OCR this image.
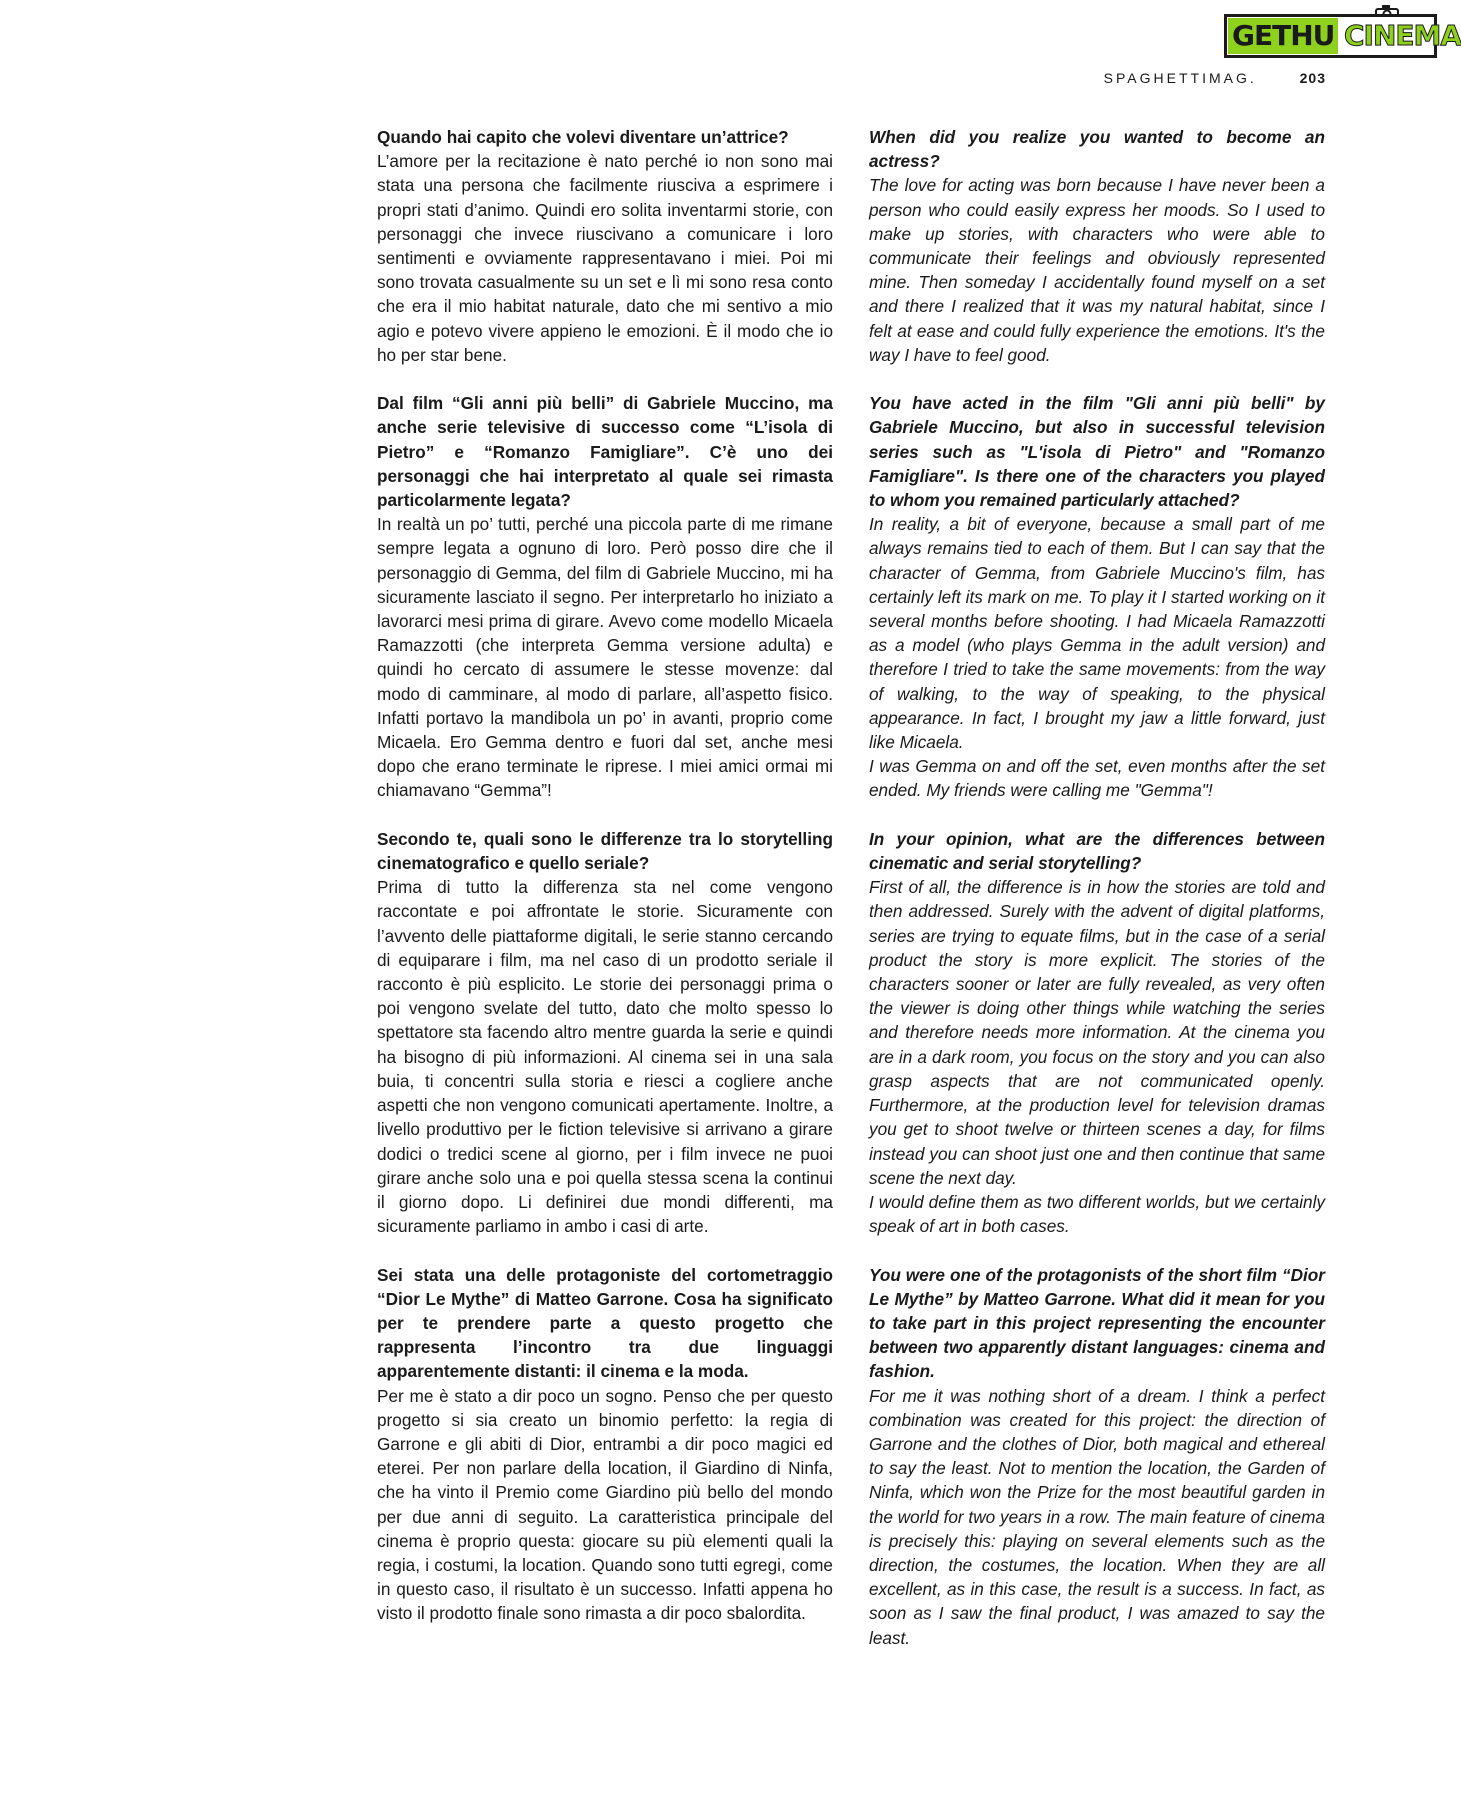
GETHU CINEMA
SPAGHETTIMAG.	203

Quando hai capito che volevi diventare un’attrice?

L’amore per la recitazione è nato perché io non sono mai stata una persona che facilmente riusciva a esprimere i propri stati d’animo. Quindi ero solita inventarmi storie, con personaggi che invece riuscivano a comunicare i loro sentimenti e ovviamente rappresentavano i miei. Poi mi sono trovata casualmente su un set e lì mi sono resa conto che era il mio habitat naturale, dato che mi sentivo a mio agio e potevo vivere appieno le emozioni. È il modo che io ho per star bene.

Dal film “Gli anni più belli” di Gabriele Muccino, ma anche serie televisive di successo come “L’isola di Pietro” e “Romanzo Famigliare”. C’è uno dei personaggi che hai interpretato al quale sei rimasta particolarmente legata?

In realtà un po’ tutti, perché una piccola parte di me rimane sempre legata a ognuno di loro. Però posso dire che il personaggio di Gemma, del film di Gabriele Muccino, mi ha sicuramente lasciato il segno. Per interpretarlo ho iniziato a lavorarci mesi prima di girare. Avevo come modello Micaela Ramazzotti (che interpreta Gemma versione adulta) e quindi ho cercato di assumere le stesse movenze: dal modo di camminare, al modo di parlare, all’aspetto fisico. Infatti portavo la mandibola un po’ in avanti, proprio come Micaela. Ero Gemma dentro e fuori dal set, anche mesi dopo che erano terminate le riprese. I miei amici ormai mi chiamavano “Gemma”!

Secondo te, quali sono le differenze tra lo storytelling cinematografico e quello seriale?

Prima di tutto la differenza sta nel come vengono raccontate e poi affrontate le storie. Sicuramente con l’avvento delle piattaforme digitali, le serie stanno cercando di equiparare i film, ma nel caso di un prodotto seriale il racconto è più esplicito. Le storie dei personaggi prima o poi vengono svelate del tutto, dato che molto spesso lo spettatore sta facendo altro mentre guarda la serie e quindi ha bisogno di più informazioni. Al cinema sei in una sala buia, ti concentri sulla storia e riesci a cogliere anche aspetti che non vengono comunicati apertamente. Inoltre, a livello produttivo per le fiction televisive si arrivano a girare dodici o tredici scene al giorno, per i film invece ne puoi girare anche solo una e poi quella stessa scena la continui il giorno dopo. Li definirei due mondi differenti, ma sicuramente parliamo in ambo i casi di arte.

Sei stata una delle protagoniste del cortometraggio “Dior Le Mythe” di Matteo Garrone. Cosa ha significato per te prendere parte a questo progetto che rappresenta l’incontro tra due linguaggi apparentemente distanti: il cinema e la moda.

Per me è stato a dir poco un sogno. Penso che per questo progetto si sia creato un binomio perfetto: la regia di Garrone e gli abiti di Dior, entrambi a dir poco magici ed eterei. Per non parlare della location, il Giardino di Ninfa, che ha vinto il Premio come Giardino più bello del mondo per due anni di seguito. La caratteristica principale del cinema è proprio questa: giocare su più elementi quali la regia, i costumi, la location. Quando sono tutti egregi, come in questo caso, il risultato è un successo. Infatti appena ho visto il prodotto finale sono rimasta a dir poco sbalordita.

When did you realize you wanted to become an actress?

The love for acting was born because I have never been a person who could easily express her moods. So I used to make up stories, with characters who were able to communicate their feelings and obviously represented mine. Then someday I accidentally found myself on a set and there I realized that it was my natural habitat, since I felt at ease and could fully experience the emotions. It's the way I have to feel good.

You have acted in the film "Gli anni più belli" by Gabriele Muccino, but also in successful television series such as "L'isola di Pietro" and "Romanzo Famigliare". Is there one of the characters you played to whom you remained particularly attached?

In reality, a bit of everyone, because a small part of me always remains tied to each of them. But I can say that the character of Gemma, from Gabriele Muccino's film, has certainly left its mark on me. To play it I started working on it several months before shooting. I had Micaela Ramazzotti as a model (who plays Gemma in the adult version) and therefore I tried to take the same movements: from the way of walking, to the way of speaking, to the physical appearance. In fact, I brought my jaw a little forward, just like Micaela.

I was Gemma on and off the set, even months after the set ended. My friends were calling me "Gemma"!

In your opinion, what are the differences between cinematic and serial storytelling?

First of all, the difference is in how the stories are told and then addressed. Surely with the advent of digital platforms, series are trying to equate films, but in the case of a serial product the story is more explicit. The stories of the characters sooner or later are fully revealed, as very often the viewer is doing other things while watching the series and therefore needs more information. At the cinema you are in a dark room, you focus on the story and you can also grasp aspects that are not communicated openly. Furthermore, at the production level for television dramas you get to shoot twelve or thirteen scenes a day, for films instead you can shoot just one and then continue that same scene the next day.

I would define them as two different worlds, but we certainly speak of art in both cases.

You were one of the protagonists of the short film “Dior Le Mythe” by Matteo Garrone. What did it mean for you to take part in this project representing the encounter between two apparently distant languages: cinema and fashion.

For me it was nothing short of a dream. I think a perfect combination was created for this project: the direction of Garrone and the clothes of Dior, both magical and ethereal to say the least. Not to mention the location, the Garden of Ninfa, which won the Prize for the most beautiful garden in the world for two years in a row. The main feature of cinema is precisely this: playing on several elements such as the direction, the costumes, the location. When they are all excellent, as in this case, the result is a success. In fact, as soon as I saw the final product, I was amazed to say the least.
